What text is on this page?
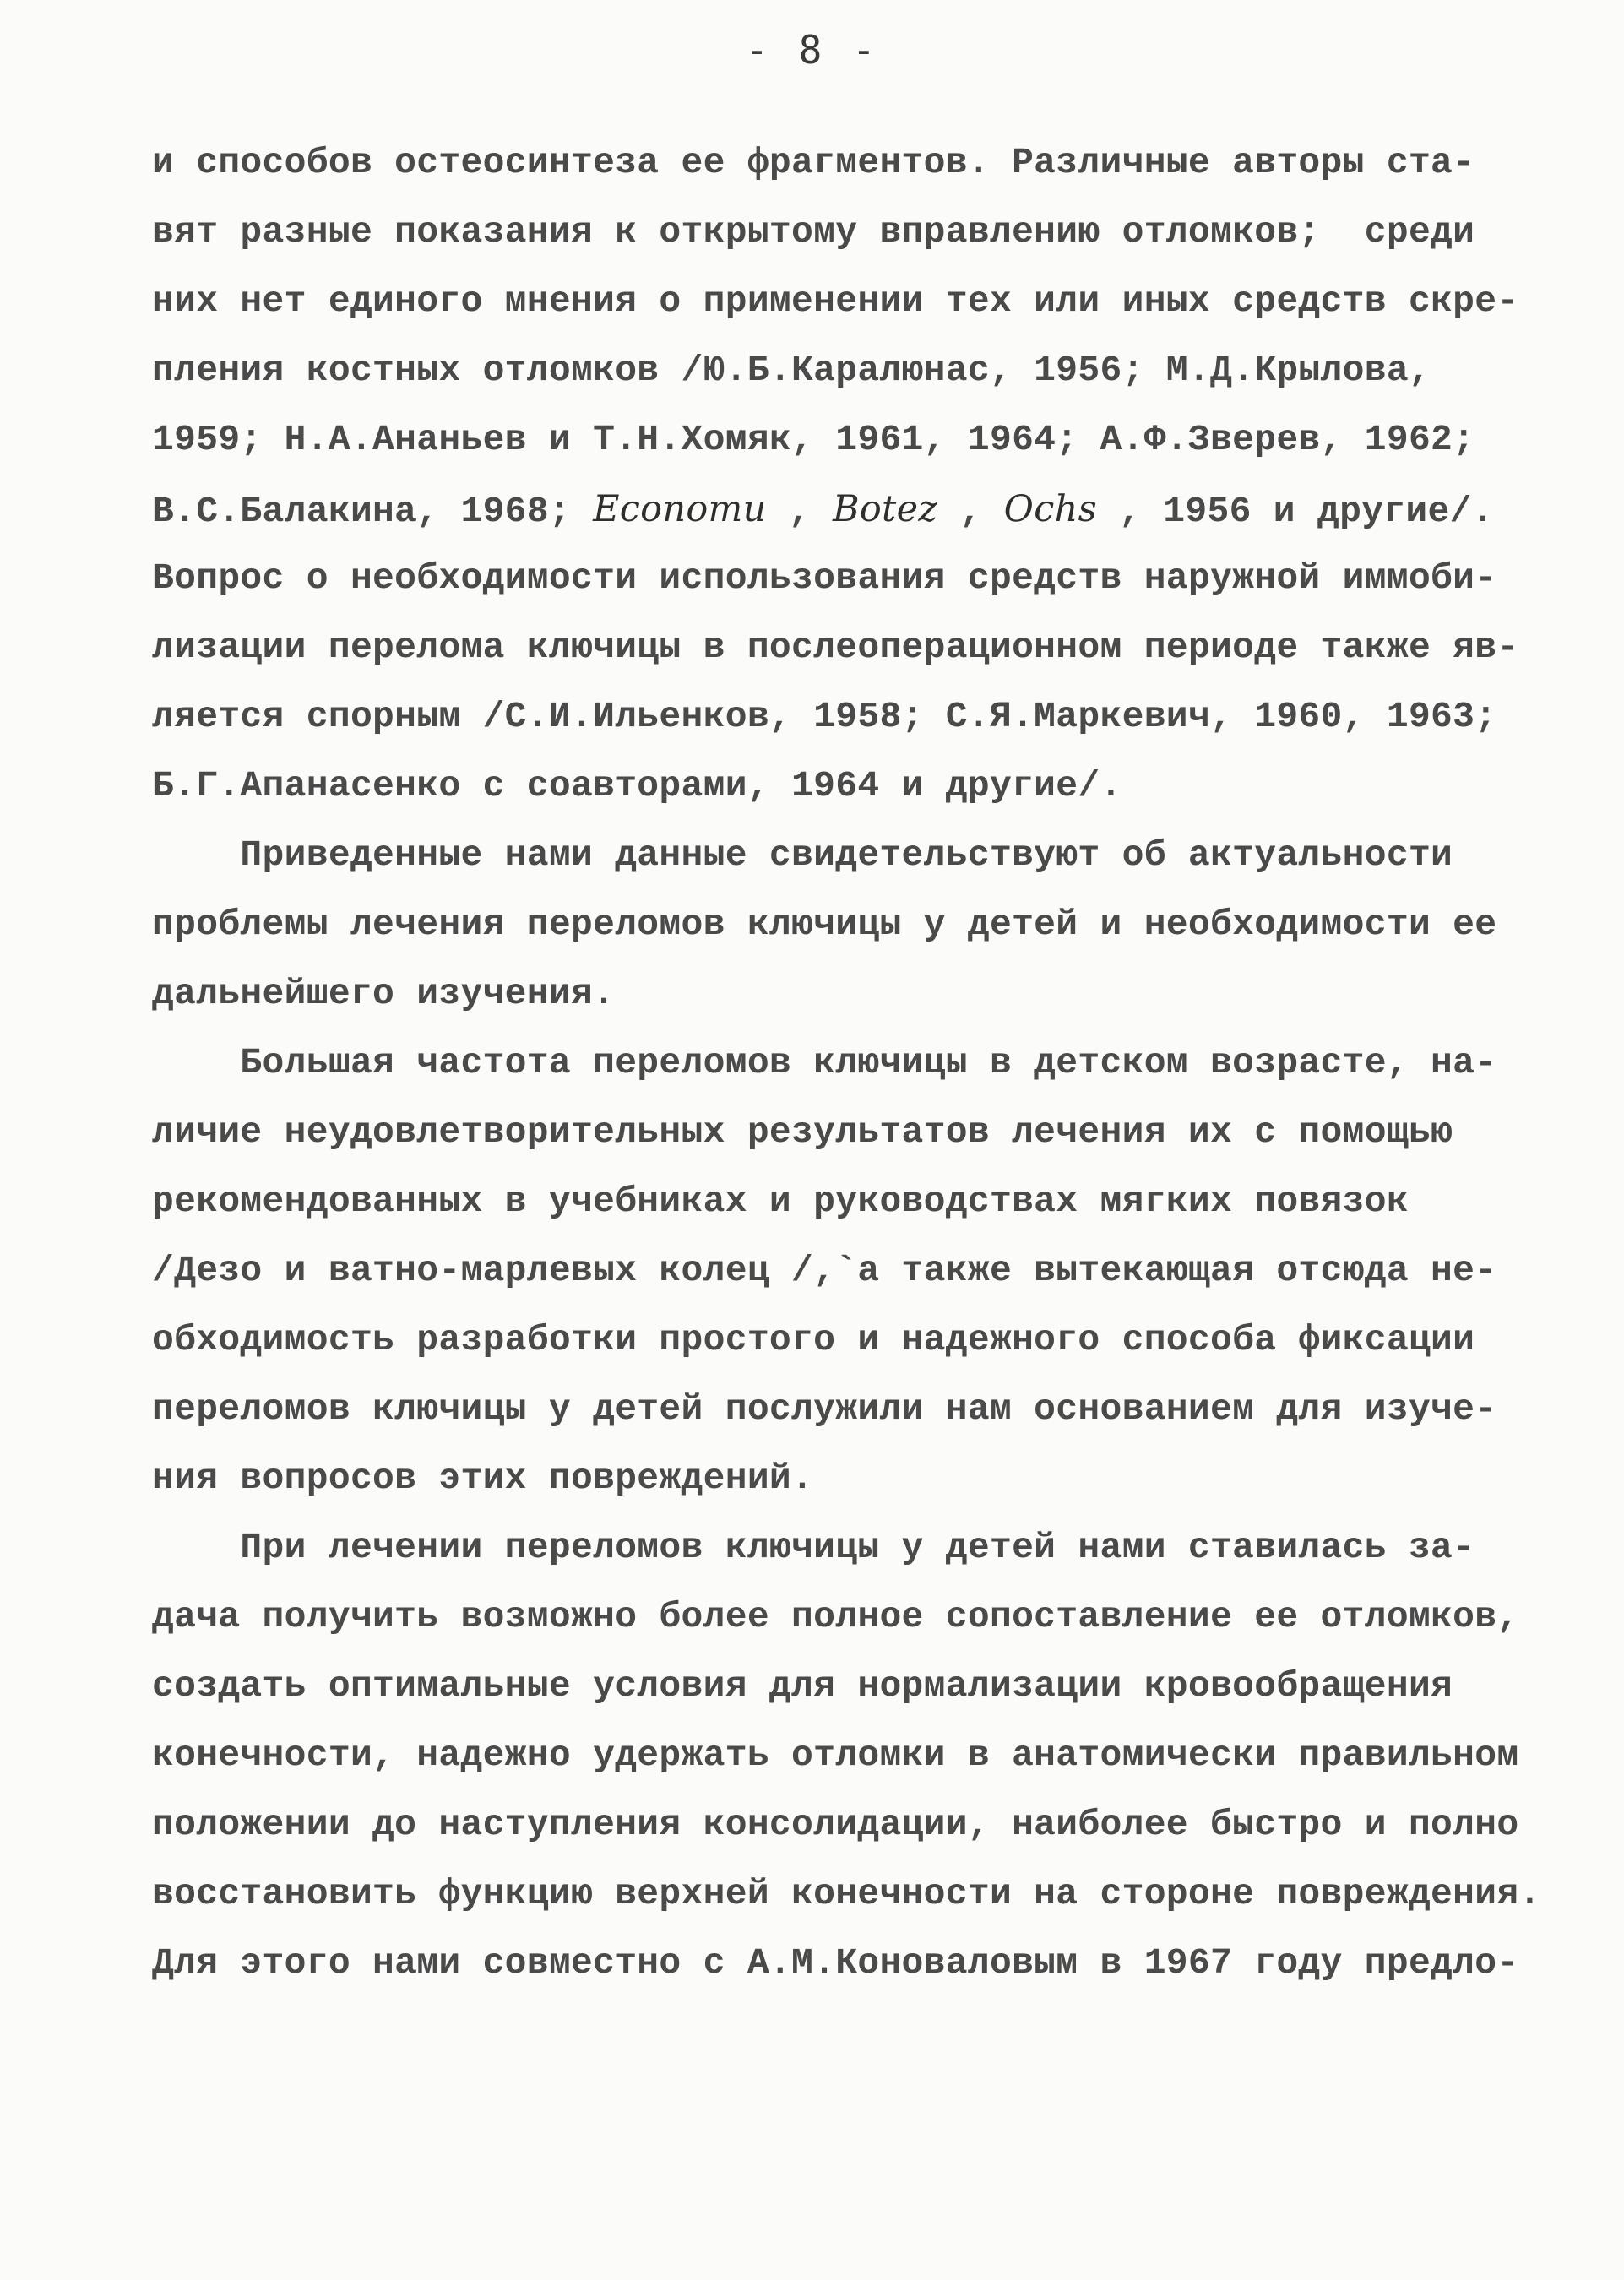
- 8 -
и способов остеосинтеза ее фрагментов. Различные авторы ста-
вят разные показания к открытому вправлению отломков;  среди
них нет единого мнения о применении тех или иных средств скре-
пления костных отломков /Ю.Б.Каралюнас, 1956; М.Д.Крылова,
1959; Н.А.Ананьев и Т.Н.Хомяк, 1961, 1964; А.Ф.Зверев, 1962;
В.С.Балакина, 1968; Economu , Botez , Ochs , 1956 и другие/.
Вопрос о необходимости использования средств наружной иммоби-
лизации перелома ключицы в послеоперационном периоде также яв-
ляется спорным /С.И.Ильенков, 1958; С.Я.Маркевич, 1960, 1963;
Б.Г.Апанасенко с соавторами, 1964 и другие/.
Приведенные нами данные свидетельствуют об актуальности
проблемы лечения переломов ключицы у детей и необходимости ее
дальнейшего изучения.
Большая частота переломов ключицы в детском возрасте, на-
личие неудовлетворительных результатов лечения их с помощью
рекомендованных в учебниках и руководствах мягких повязок
/Дезо и ватно-марлевых колец /,`а также вытекающая отсюда не-
обходимость разработки простого и надежного способа фиксации
переломов ключицы у детей послужили нам основанием для изуче-
ния вопросов этих повреждений.
При лечении переломов ключицы у детей нами ставилась за-
дача получить возможно более полное сопоставление ее отломков,
создать оптимальные условия для нормализации кровообращения
конечности, надежно удержать отломки в анатомически правильном
положении до наступления консолидации, наиболее быстро и полно
восстановить функцию верхней конечности на стороне повреждения.
Для этого нами совместно с А.М.Коноваловым в 1967 году предло-
